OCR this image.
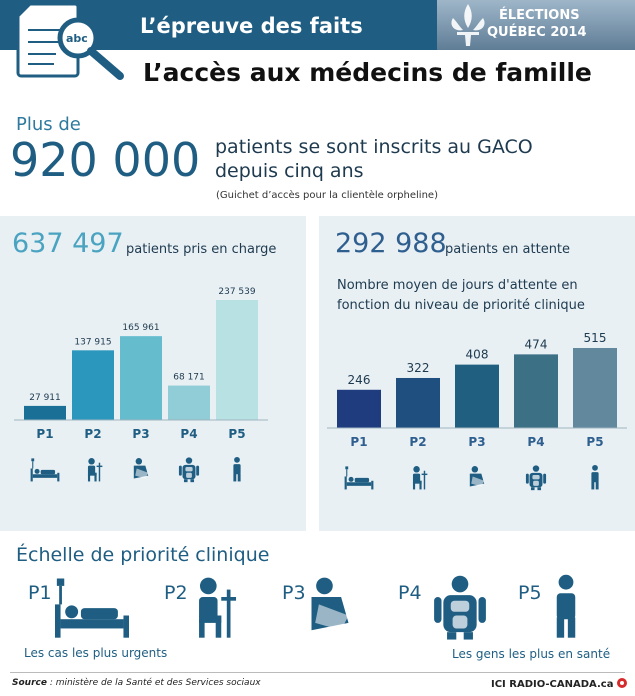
abc
L’épreuve des faits	ÉLECTIONS
QUÉBEC 2014
L’accès aux médecins de famille
Plus de
920 000 patients se sont inscrits au GACO
depuis cinq ans
(Guichet d’accès pour la clientèle orpheline)
637 497 patients pris en charge 292 988
patients en attente
Nombre moyen de jours d'attente en
fonction du niveau de priorité clinique
27 911
P1
137 915
P2
165 961
P3
68 171
P4
237 539
P5
246
P1
322
P2
408
P3
474
P4
515
P5
Échelle de priorité clinique
P1	P2	P3	P4	P5
Les cas les plus urgents	Les gens les plus en santé
Source : ministère de la Santé et des Services sociaux	ICI RADIO-CANADA.ca
